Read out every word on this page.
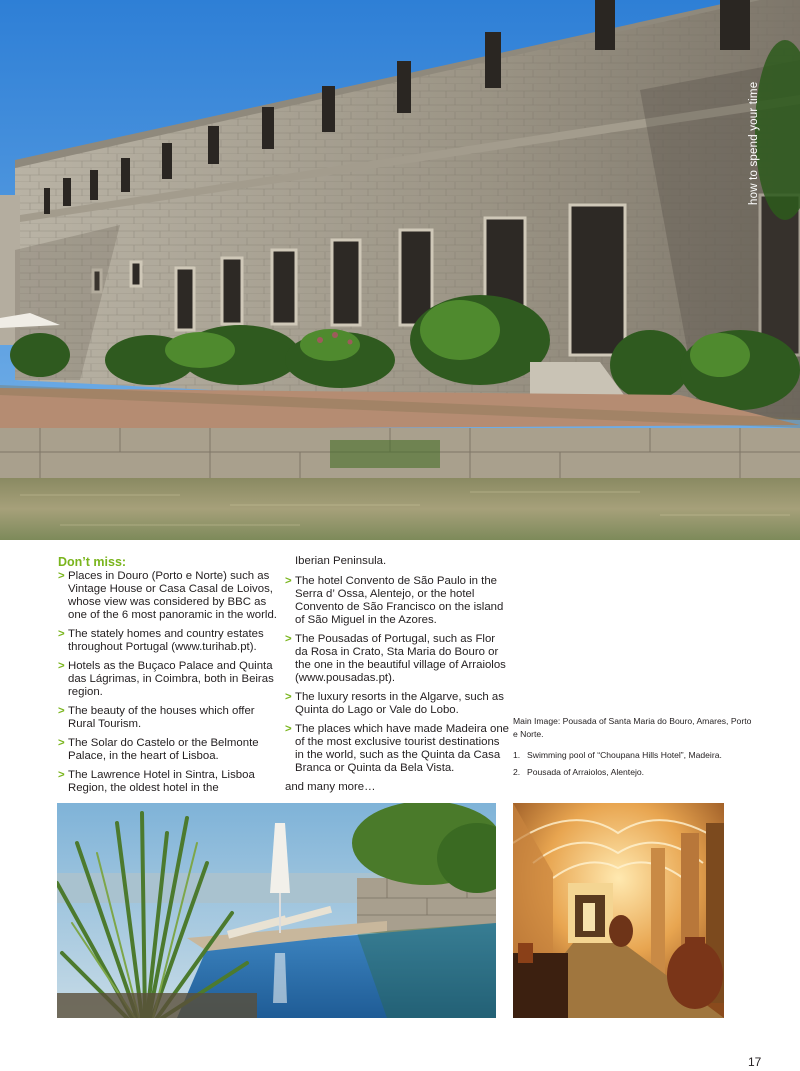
how to spend your time
Don’t miss:
> Places in Douro (Porto e Norte) such as Vintage House or Casa Casal de Loivos, whose view was considered by BBC as one of the 6 most panoramic in the world.
> The stately homes and country estates throughout Portugal (www.turihab.pt).
> Hotels as the Buçaco Palace and Quinta das Lágrimas, in Coimbra, both in Beiras region.
> The beauty of the houses which offer Rural Tourism.
> The Solar do Castelo or the Belmonte Palace, in the heart of Lisboa.
> The Lawrence Hotel in Sintra, Lisboa Region, the oldest hotel in the
Iberian Peninsula.
> The hotel Convento de São Paulo in the Serra d’ Ossa, Alentejo, or the hotel Convento de São Francisco on the island of São Miguel in the Azores.
> The Pousadas of Portugal, such as Flor da Rosa in Crato, Sta Maria do Bouro or the one in the beautiful village of Arraiolos (www.pousadas.pt).
> The luxury resorts in the Algarve, such as Quinta do Lago or Vale do Lobo.
> The places which have made Madeira one of the most exclusive tourist destinations in the world, such as the Quinta da Casa Branca or Quinta da Bela Vista.
and many more…
Main Image: Pousada of Santa Maria do Bouro, Amares, Porto e Norte.
1. Swimming pool of “Choupana Hills Hotel”, Madeira.
2. Pousada of Arraiolos, Alentejo.
17
